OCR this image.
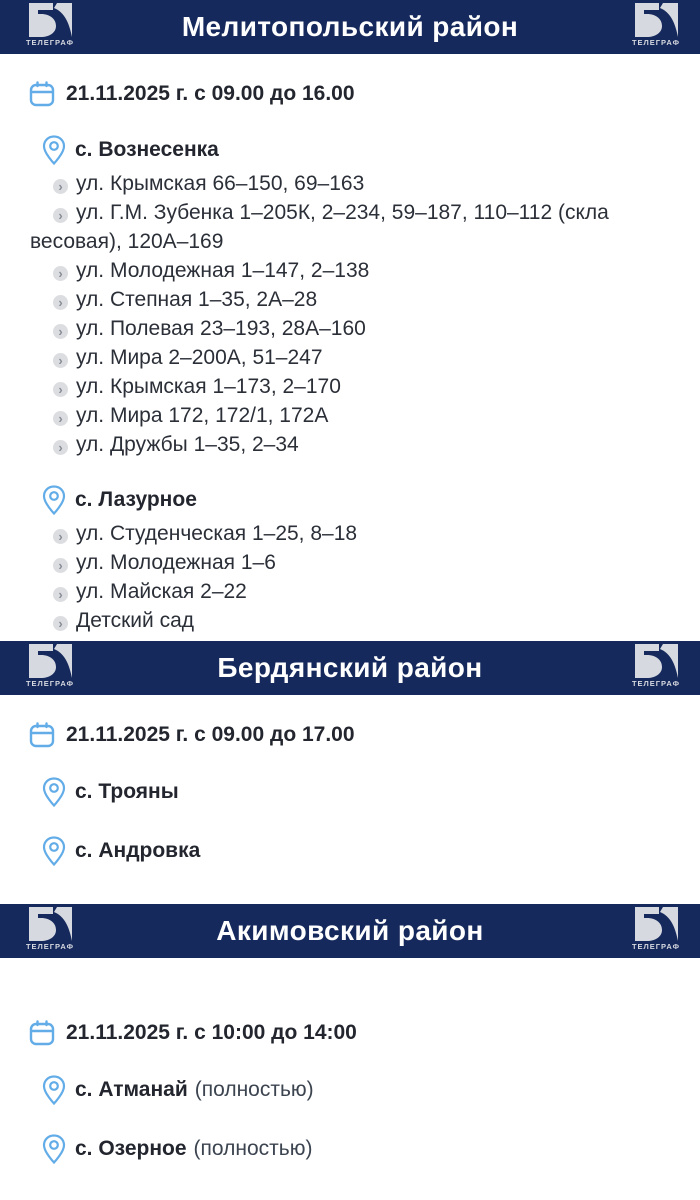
ТЕЛЕГРАФ
Мелитопольский район
ТЕЛЕГРАФ
21.11.2025 г. с 09.00 до 16.00
с. Вознесенка
› ул. Крымская 66–150, 69–163
› ул. Г.М. Зубенка 1–205К, 2–234, 59–187, 110–112 (скла весовая), 120А–169
› ул. Молодежная 1–147, 2–138
› ул. Степная 1–35, 2А–28
› ул. Полевая 23–193, 28А–160
› ул. Мира 2–200А, 51–247
› ул. Крымская 1–173, 2–170
› ул. Мира 172, 172/1, 172А
› ул. Дружбы 1–35, 2–34
с. Лазурное
› ул. Студенческая 1–25, 8–18
› ул. Молодежная 1–6
› ул. Майская 2–22
› Детский сад
ТЕЛЕГРАФ
Бердянский район
ТЕЛЕГРАФ
21.11.2025 г. с 09.00 до 17.00
с. Трояны
с. Андровка
ТЕЛЕГРАФ
Акимовский район
ТЕЛЕГРАФ
21.11.2025 г. с 10:00 до 14:00
с. Атманай (полностью)
с. Озерное (полностью)
